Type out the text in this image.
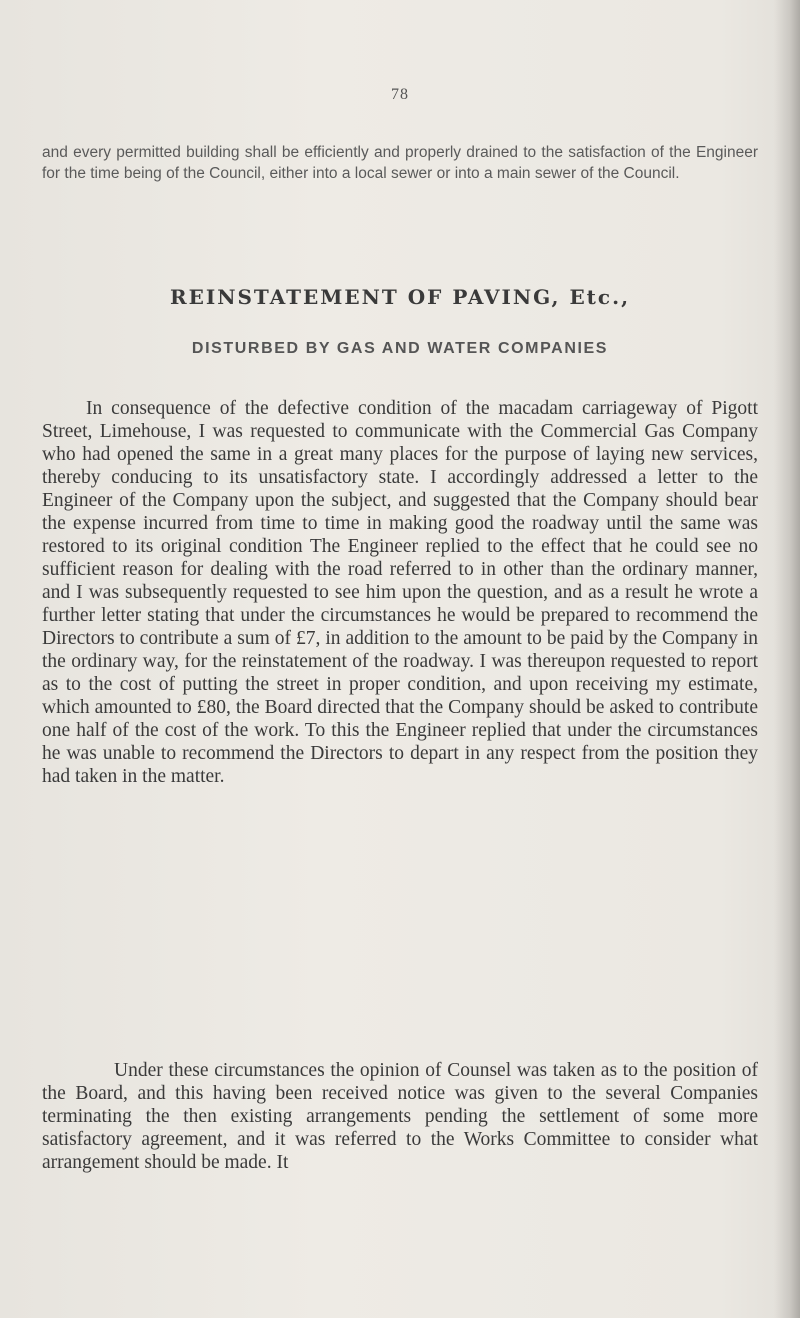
78

and every permitted building shall be efficiently and properly drained to the satisfaction of the Engineer for the time being of the Council, either into a local sewer or into a main sewer of the Council.

REINSTATEMENT OF PAVING, Etc.,
DISTURBED BY GAS AND WATER COMPANIES

In consequence of the defective condition of the macadam carriageway of Pigott Street, Limehouse, I was requested to communicate with the Commercial Gas Company who had opened the same in a great many places for the purpose of laying new services, thereby conducing to its unsatisfactory state. I accordingly addressed a letter to the Engineer of the Company upon the subject, and suggested that the Company should bear the expense incurred from time to time in making good the roadway until the same was restored to its original condition The Engineer replied to the effect that he could see no sufficient reason for dealing with the road referred to in other than the ordinary manner, and I was subsequently requested to see him upon the question, and as a result he wrote a further letter stating that under the circumstances he would be prepared to recommend the Directors to contribute a sum of £7, in addition to the amount to be paid by the Company in the ordinary way, for the reinstatement of the roadway. I was thereupon requested to report as to the cost of putting the street in proper condition, and upon receiving my estimate, which amounted to £80, the Board directed that the Company should be asked to contribute one half of the cost of the work. To this the Engineer replied that under the circumstances he was unable to recommend the Directors to depart in any respect from the position they had taken in the matter.

Under these circumstances the opinion of Counsel was taken as to the position of the Board, and this having been received notice was given to the several Companies terminating the then existing arrangements pending the settlement of some more satisfactory agreement, and it was referred to the Works Committee to consider what arrangement should be made. It
